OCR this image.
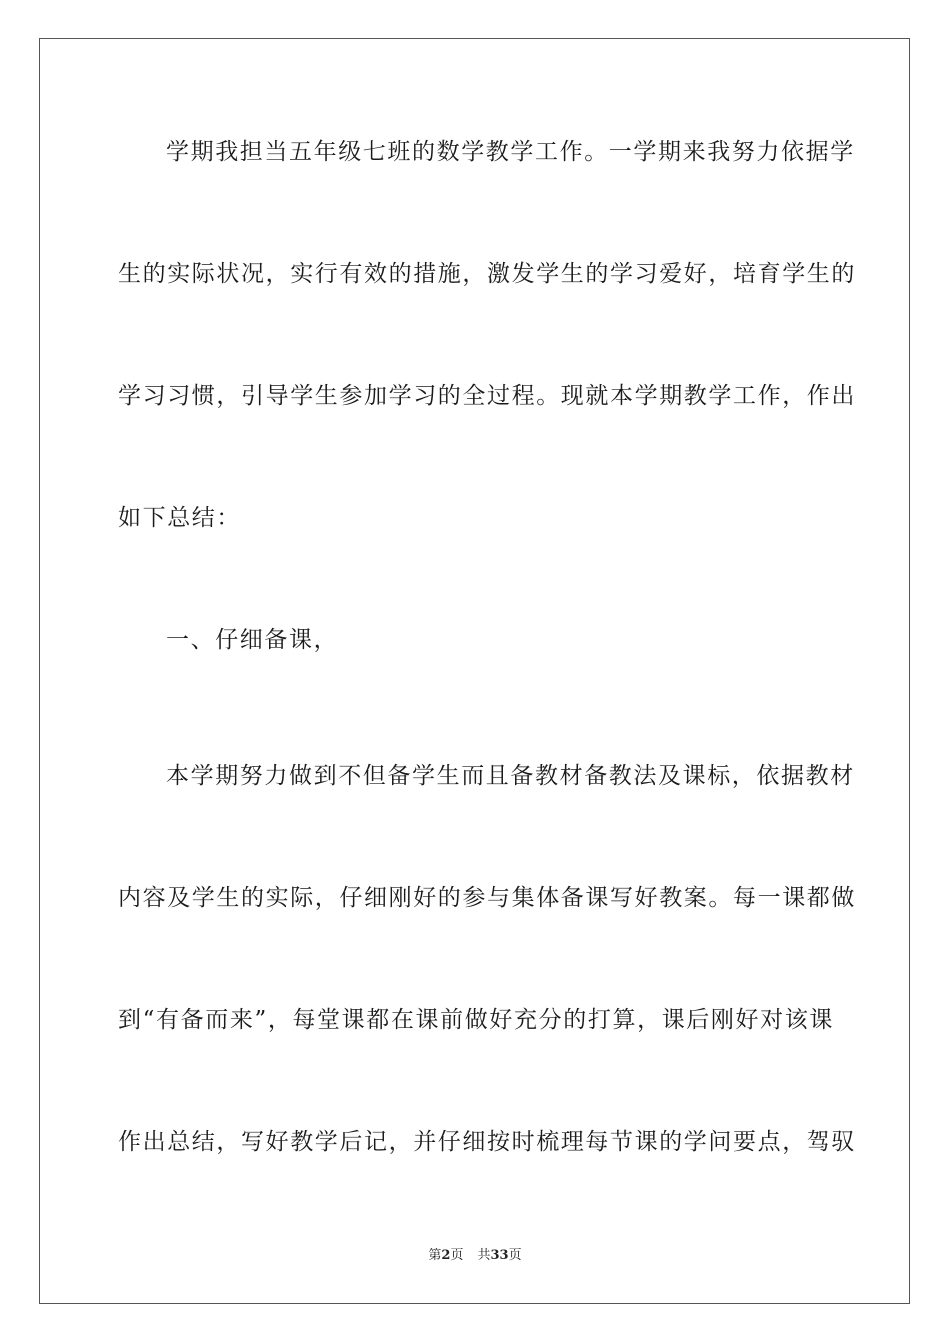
学期我担当五年级七班的数学教学工作。一学期来我努力依据学
生的实际状况，实行有效的措施，激发学生的学习爱好，培育学生的
学习习惯，引导学生参加学习的全过程。现就本学期教学工作，作出
如下总结：
一、仔细备课，
本学期努力做到不但备学生而且备教材备教法及课标，依据教材
内容及学生的实际，仔细刚好的参与集体备课写好教案。每一课都做
到“有备而来”，每堂课都在课前做好充分的打算，课后刚好对该课
作出总结，写好教学后记，并仔细按时梳理每节课的学问要点，驾驭
第2页 共33页
